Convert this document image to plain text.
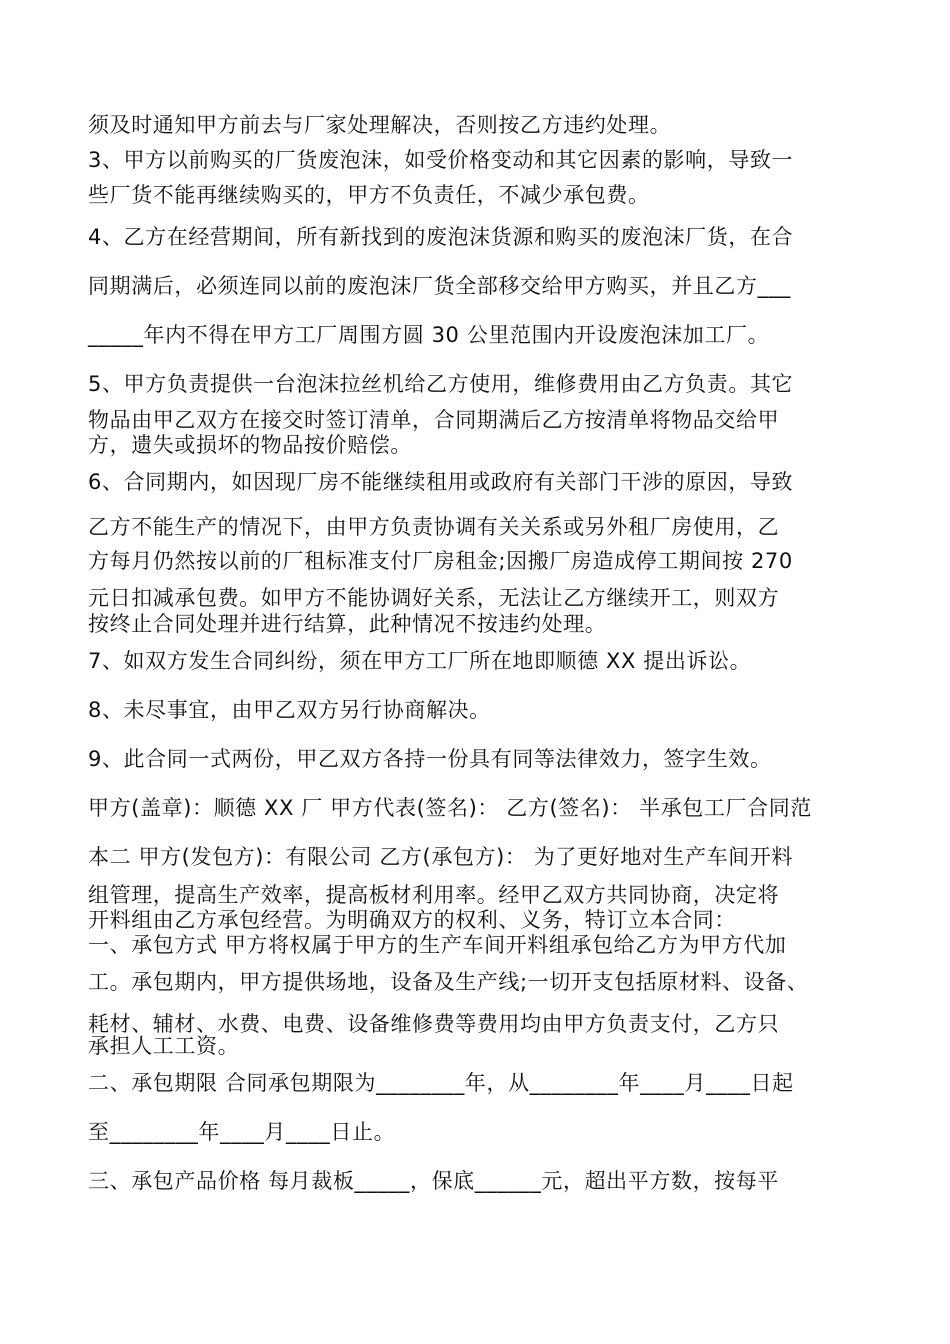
须及时通知甲方前去与厂家处理解决，否则按乙方违约处理。
3、甲方以前购买的厂货废泡沫，如受价格变动和其它因素的影响，导致一
些厂货不能再继续购买的，甲方不负责任，不减少承包费。
4、乙方在经营期间，所有新找到的废泡沫货源和购买的废泡沫厂货，在合
同期满后，必须连同以前的废泡沫厂货全部移交给甲方购买，并且乙方___
_____年内不得在甲方工厂周围方圆 30 公里范围内开设废泡沫加工厂。
5、甲方负责提供一台泡沫拉丝机给乙方使用，维修费用由乙方负责。其它
物品由甲乙双方在接交时签订清单，合同期满后乙方按清单将物品交给甲
方，遗失或损坏的物品按价赔偿。
6、合同期内，如因现厂房不能继续租用或政府有关部门干涉的原因，导致
乙方不能生产的情况下，由甲方负责协调有关关系或另外租厂房使用，乙
方每月仍然按以前的厂租标准支付厂房租金;因搬厂房造成停工期间按 270
元日扣减承包费。如甲方不能协调好关系，无法让乙方继续开工，则双方
按终止合同处理并进行结算，此种情况不按违约处理。
7、如双方发生合同纠纷，须在甲方工厂所在地即顺德 XX 提出诉讼。
8、未尽事宜，由甲乙双方另行协商解决。
9、此合同一式两份，甲乙双方各持一份具有同等法律效力，签字生效。
甲方(盖章)：顺德 XX 厂 甲方代表(签名)： 乙方(签名)： 半承包工厂合同范
本二 甲方(发包方)：有限公司 乙方(承包方)： 为了更好地对生产车间开料
组管理，提高生产效率，提高板材利用率。经甲乙双方共同协商，决定将
开料组由乙方承包经营。为明确双方的权利、义务，特订立本合同：
一、承包方式 甲方将权属于甲方的生产车间开料组承包给乙方为甲方代加
工。承包期内，甲方提供场地，设备及生产线;一切开支包括原材料、设备、
耗材、辅材、水费、电费、设备维修费等费用均由甲方负责支付，乙方只
承担人工工资。
二、承包期限 合同承包期限为________年，从________年____月____日起
至________年____月____日止。
三、承包产品价格 每月裁板_____，保底______元，超出平方数，按每平
